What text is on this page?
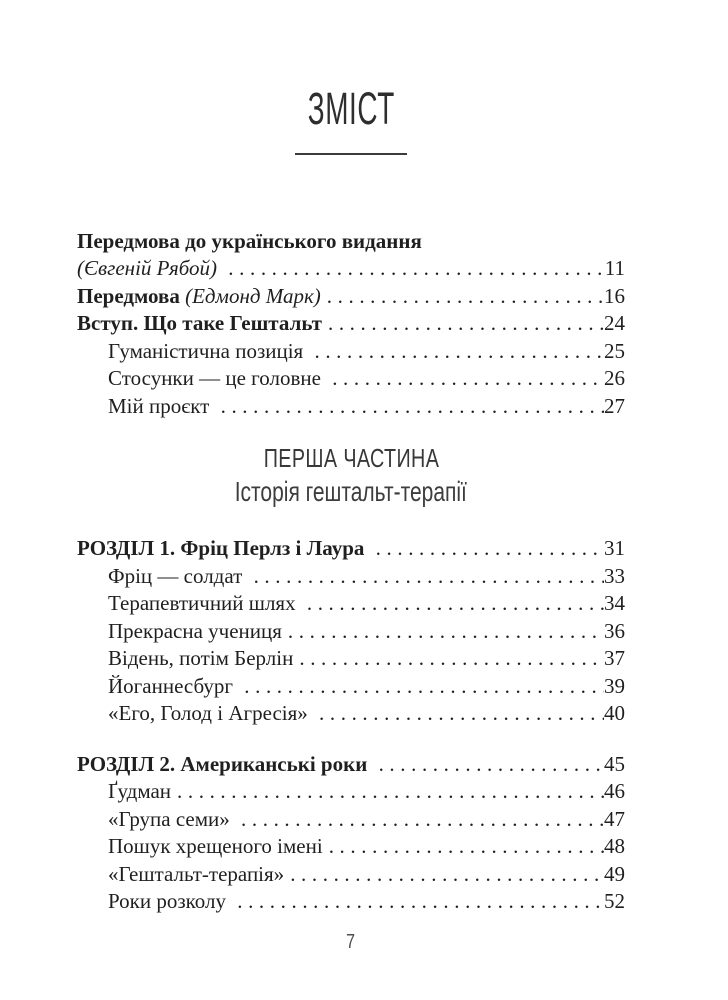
ЗМІСТ
Передмова до українського видання
(Євгеній Рябой) .....	11
Передмова (Едмонд Марк) .....	16
Вступ. Що таке Гештальт .....	24
Гуманістична позиція .....	25
Стосунки — це головне .....	26
Мій проєкт .....	27
ПЕРША ЧАСТИНА
Історія гештальт-терапії
РОЗДІЛ 1. Фріц Перлз і Лаура .....	31
Фріц — солдат .....	33
Терапевтичний шлях .....	34
Прекрасна учениця .....	36
Відень, потім Берлін .....	37
Йоганнесбург .....	39
«Его, Голод і Агресія» .....	40
РОЗДІЛ 2. Американські роки .....	45
Ґудман .....	46
«Група семи» .....	47
Пошук хрещеного імені .....	48
«Гештальт-терапія» .....	49
Роки розколу .....	52
7
